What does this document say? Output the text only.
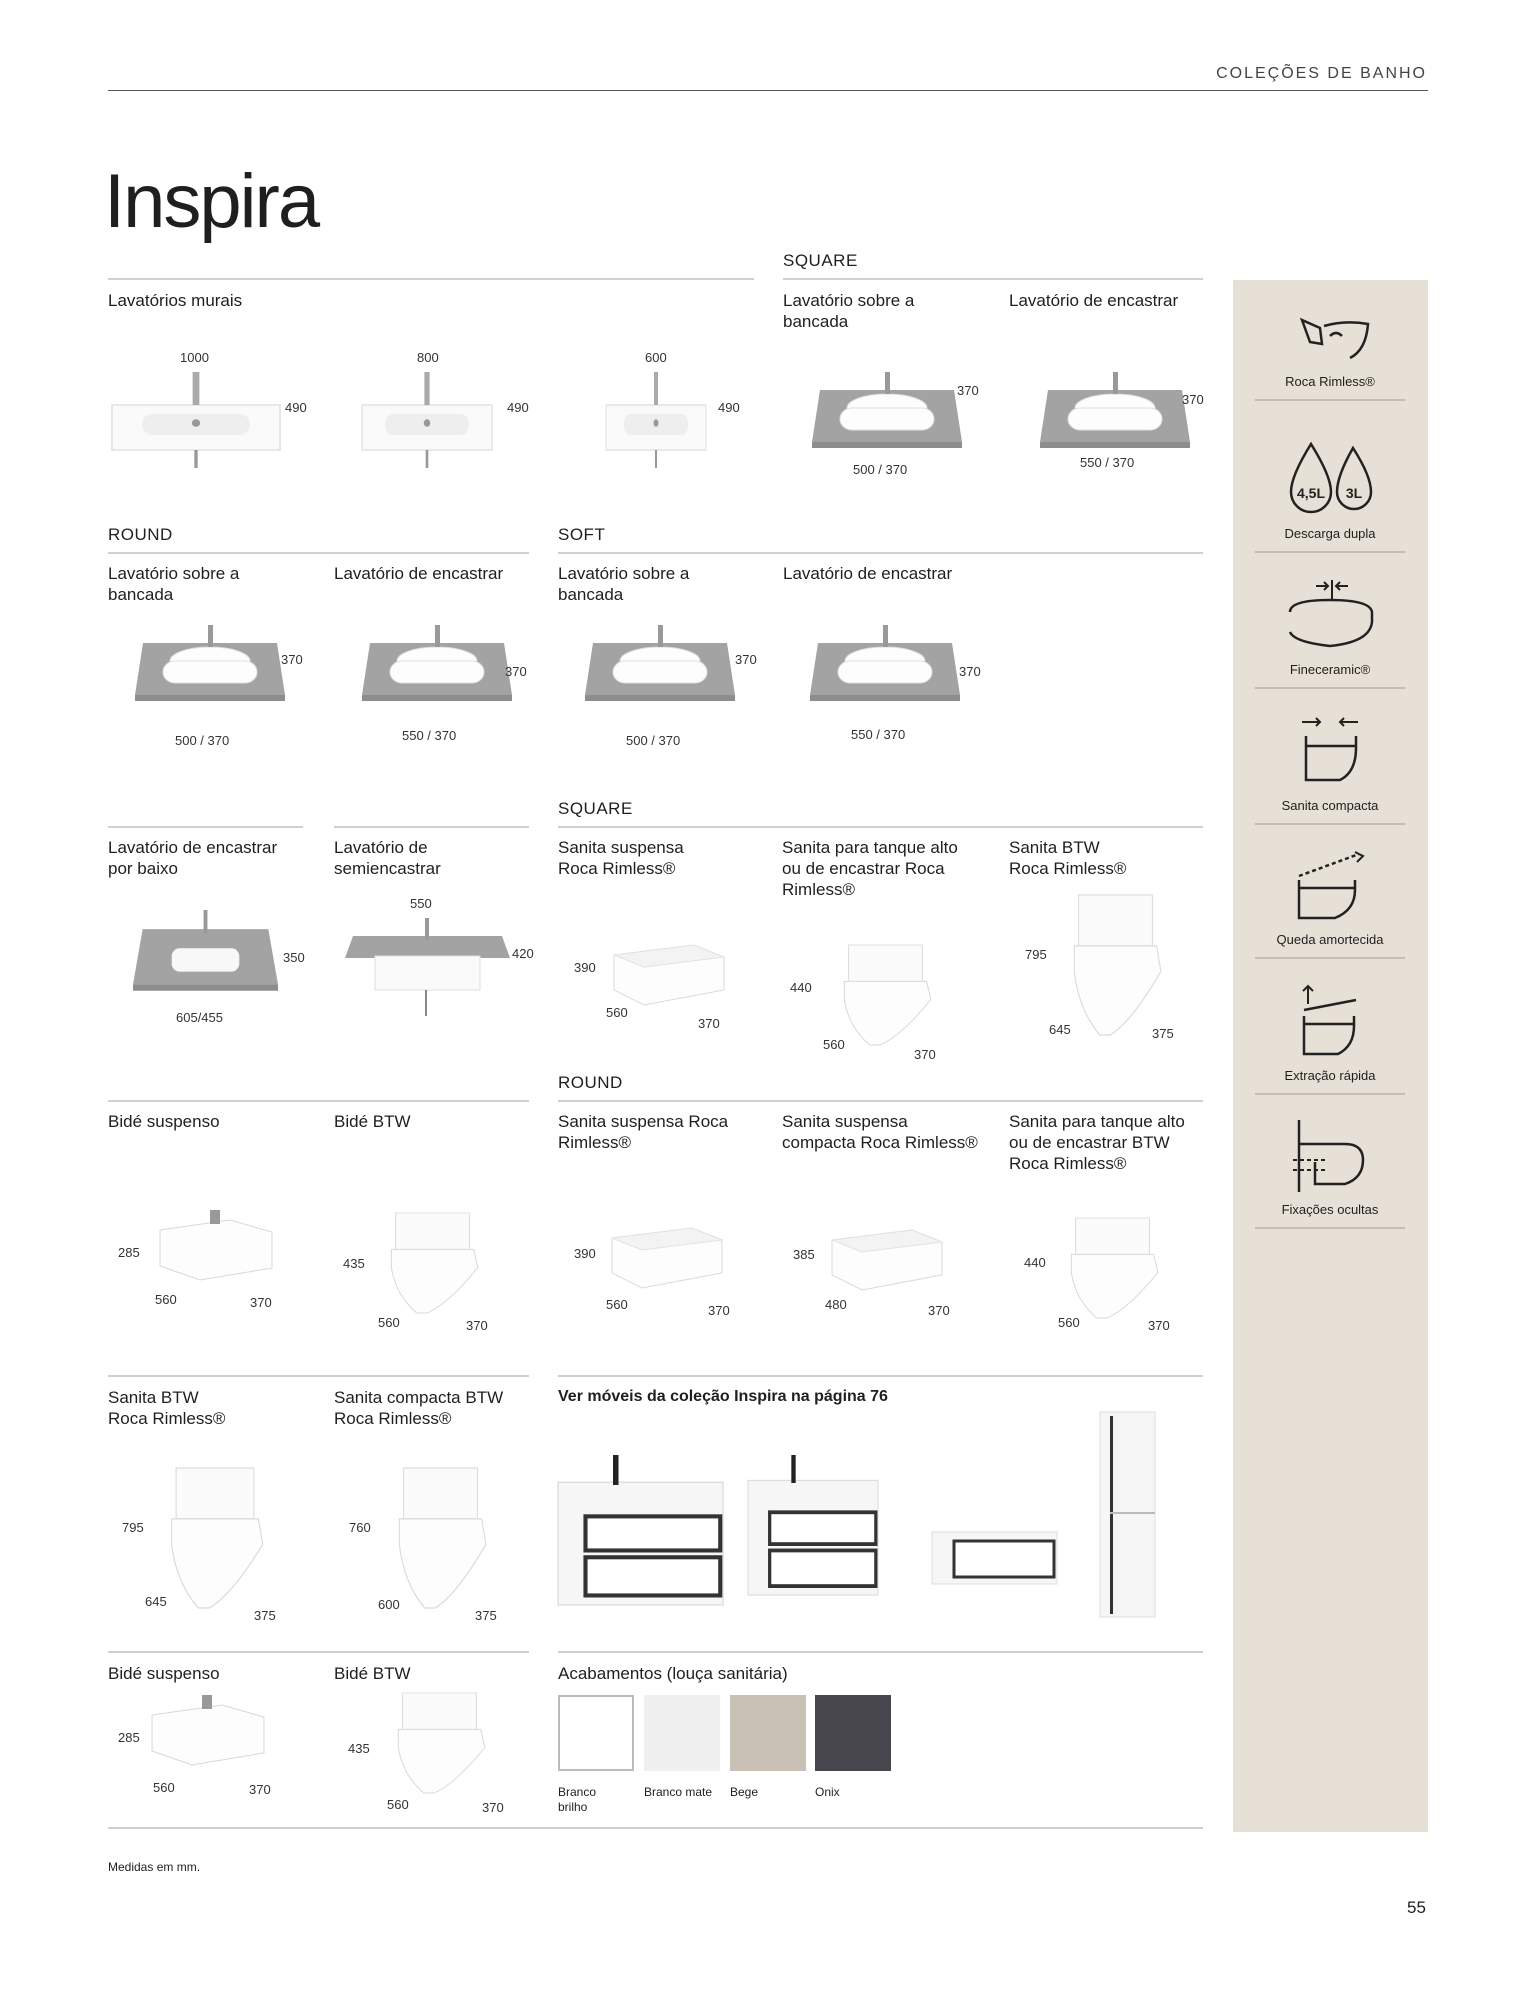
COLEÇÕES DE BANHO
Inspira
SQUARE
Lavatórios murais
1000
490
800
490
600
490
Lavatório sobre a
bancada
370
500 / 370
Lavatório de encastrar
370
550 / 370
ROUND	SOFT
Lavatório sobre a
bancada
370
500 / 370
Lavatório de encastrar
370
550 / 370
Lavatório sobre a
bancada
370
500 / 370
Lavatório de encastrar
370
550 / 370
SQUARE
Lavatório de encastrar
por baixo
350
605/455
Lavatório de
semiencastrar
550
420
Sanita suspensa
Roca Rimless®
390
560
370
Sanita para tanque alto
ou de encastrar Roca
Rimless®
440
560
370
Sanita BTW
Roca Rimless®
795
645	375
ROUND
Bidé suspenso
285
560	370
Bidé BTW
435
560	370
Sanita suspensa Roca
Rimless®
390
560	370
Sanita suspensa
compacta Roca Rimless®
385
480	370
Sanita para tanque alto
ou de encastrar BTW
Roca Rimless®
440
560	370
Sanita BTW
Roca Rimless®
795
645
375
Sanita compacta BTW
Roca Rimless®
760
600
375
Ver móveis da coleção Inspira na página 76
Bidé suspenso
285
560	370
Bidé BTW
435
560	370
Acabamentos (louça sanitária)
Branco
brilho
Branco mate Bege	Onix
Roca Rimless®
4,5L 3L
Descarga dupla
Fineceramic®
Sanita compacta
Queda amortecida
Extração rápida
Fixações ocultas
Medidas em mm.
55
